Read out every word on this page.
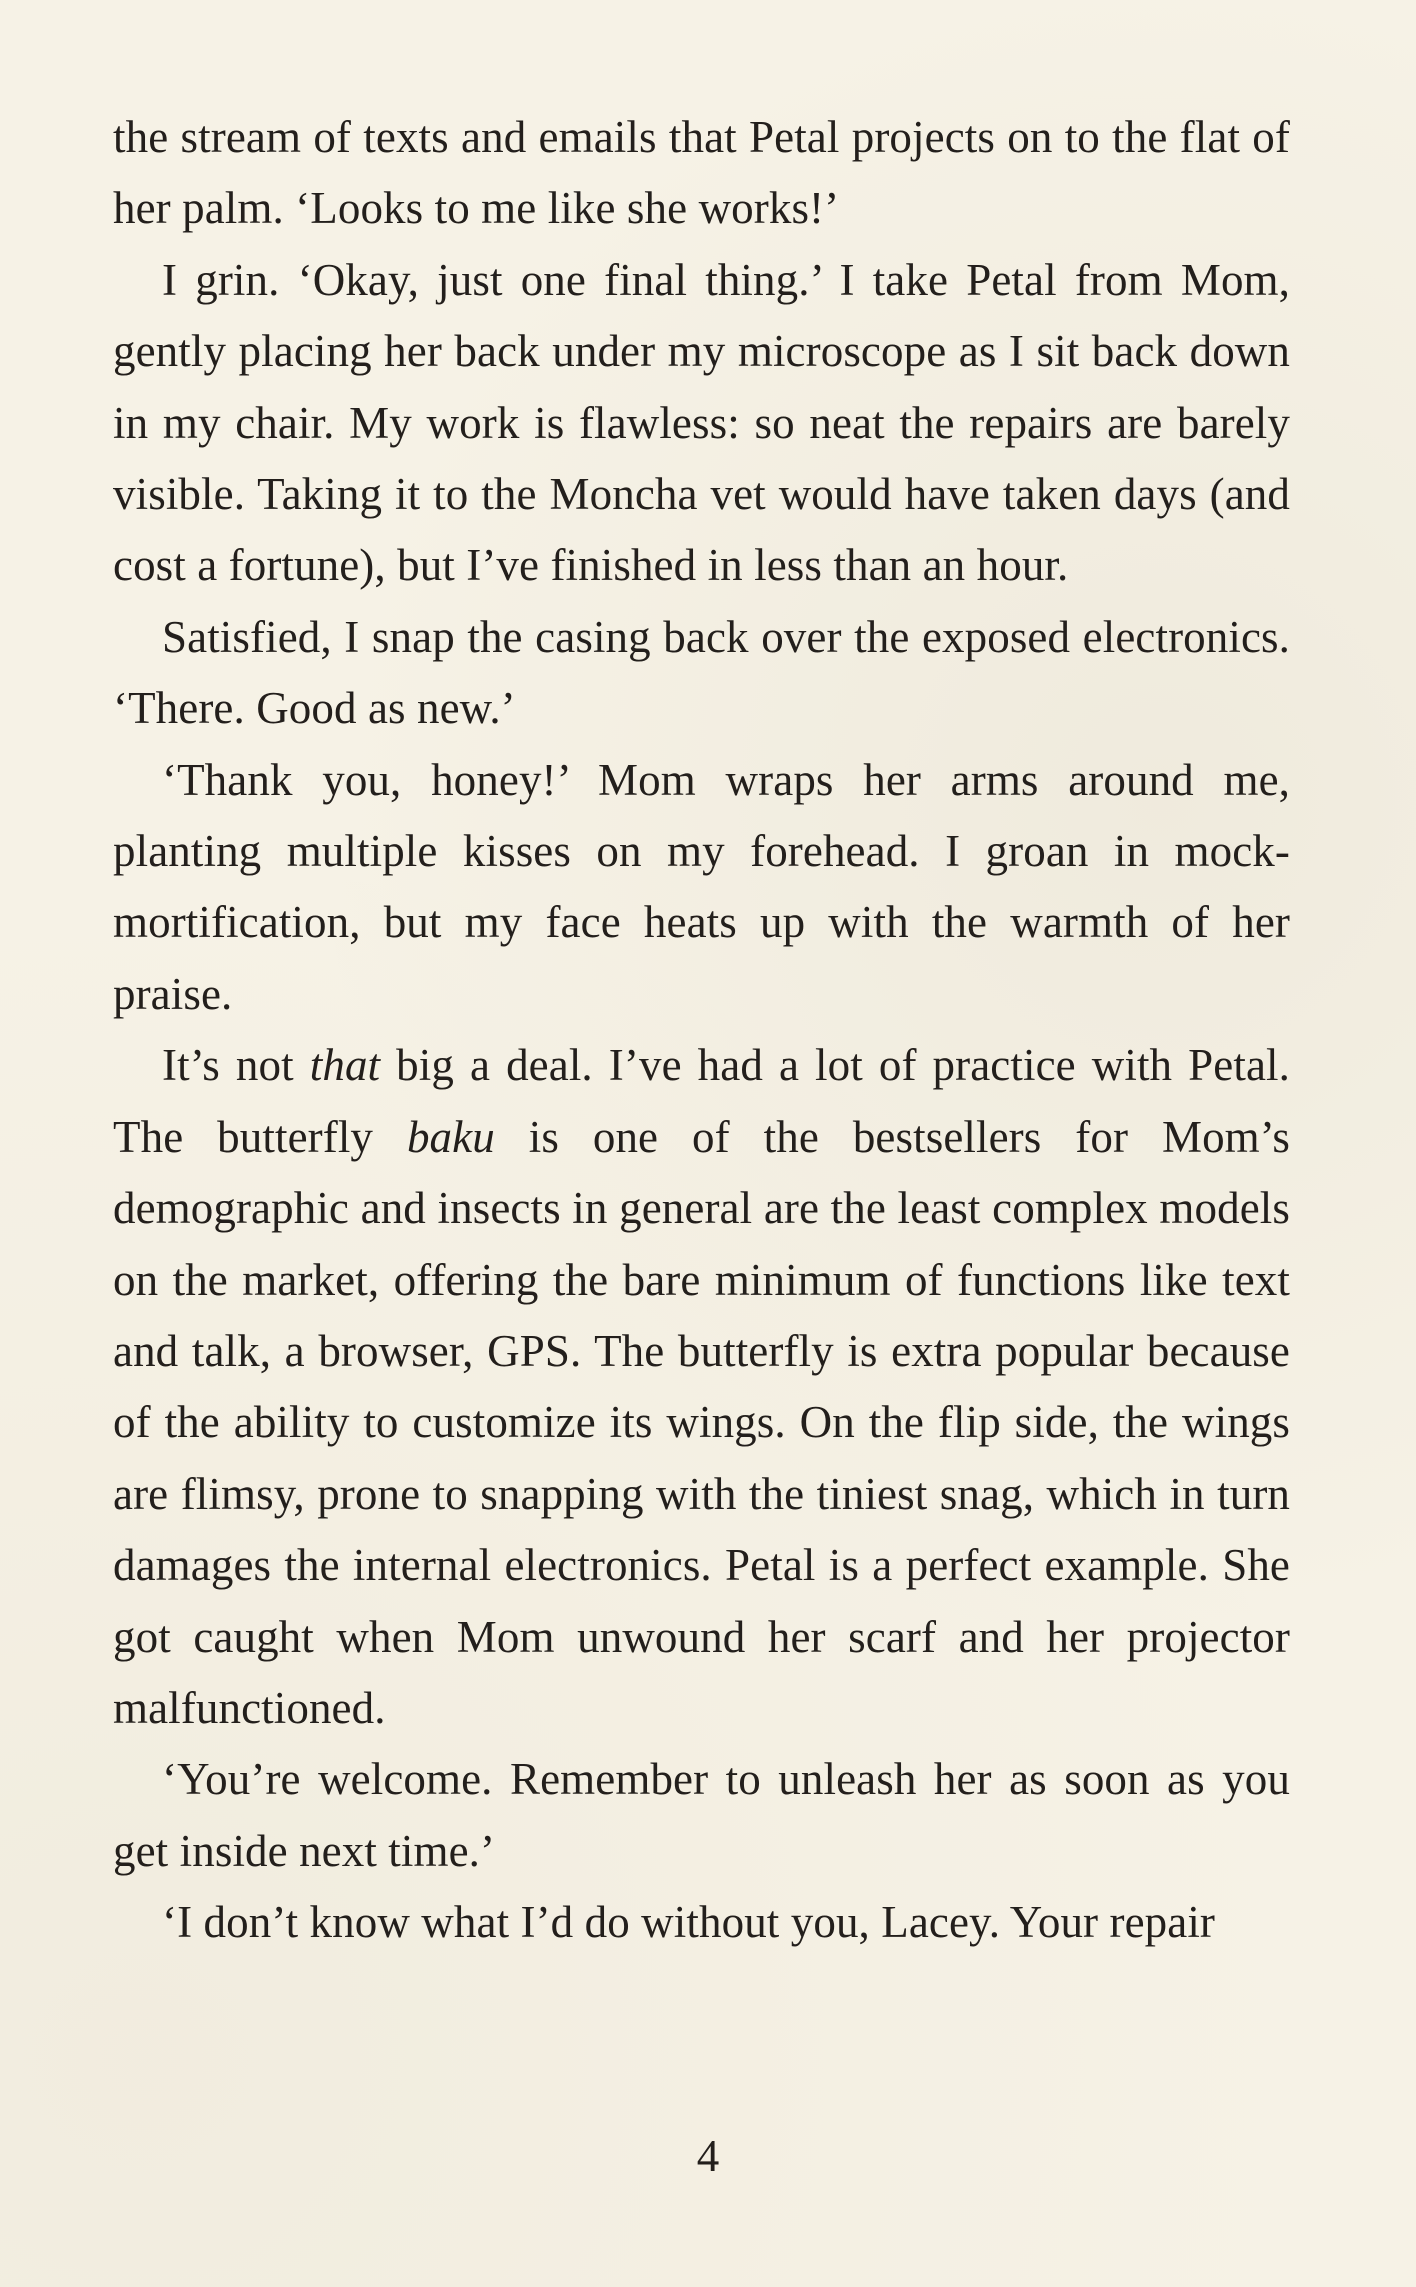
the stream of texts and emails that Petal projects on to the flat of her palm. ‘Looks to me like she works!’

I grin. ‘Okay, just one final thing.’ I take Petal from Mom, gently placing her back under my microscope as I sit back down in my chair. My work is flawless: so neat the repairs are barely visible. Taking it to the Moncha vet would have taken days (and cost a fortune), but I’ve finished in less than an hour.

Satisfied, I snap the casing back over the exposed electronics. ‘There. Good as new.’

‘Thank you, honey!’ Mom wraps her arms around me, planting multiple kisses on my forehead. I groan in mock-mortification, but my face heats up with the warmth of her praise.

It’s not that big a deal. I’ve had a lot of practice with Petal. The butterfly baku is one of the bestsellers for Mom’s demographic and insects in general are the least complex models on the market, offering the bare minimum of functions like text and talk, a browser, GPS. The butterfly is extra popular because of the ability to customize its wings. On the flip side, the wings are flimsy, prone to snapping with the tiniest snag, which in turn damages the internal electronics. Petal is a perfect example. She got caught when Mom unwound her scarf and her projector malfunctioned.

‘You’re welcome. Remember to unleash her as soon as you get inside next time.’

‘I don’t know what I’d do without you, Lacey. Your repair

4
